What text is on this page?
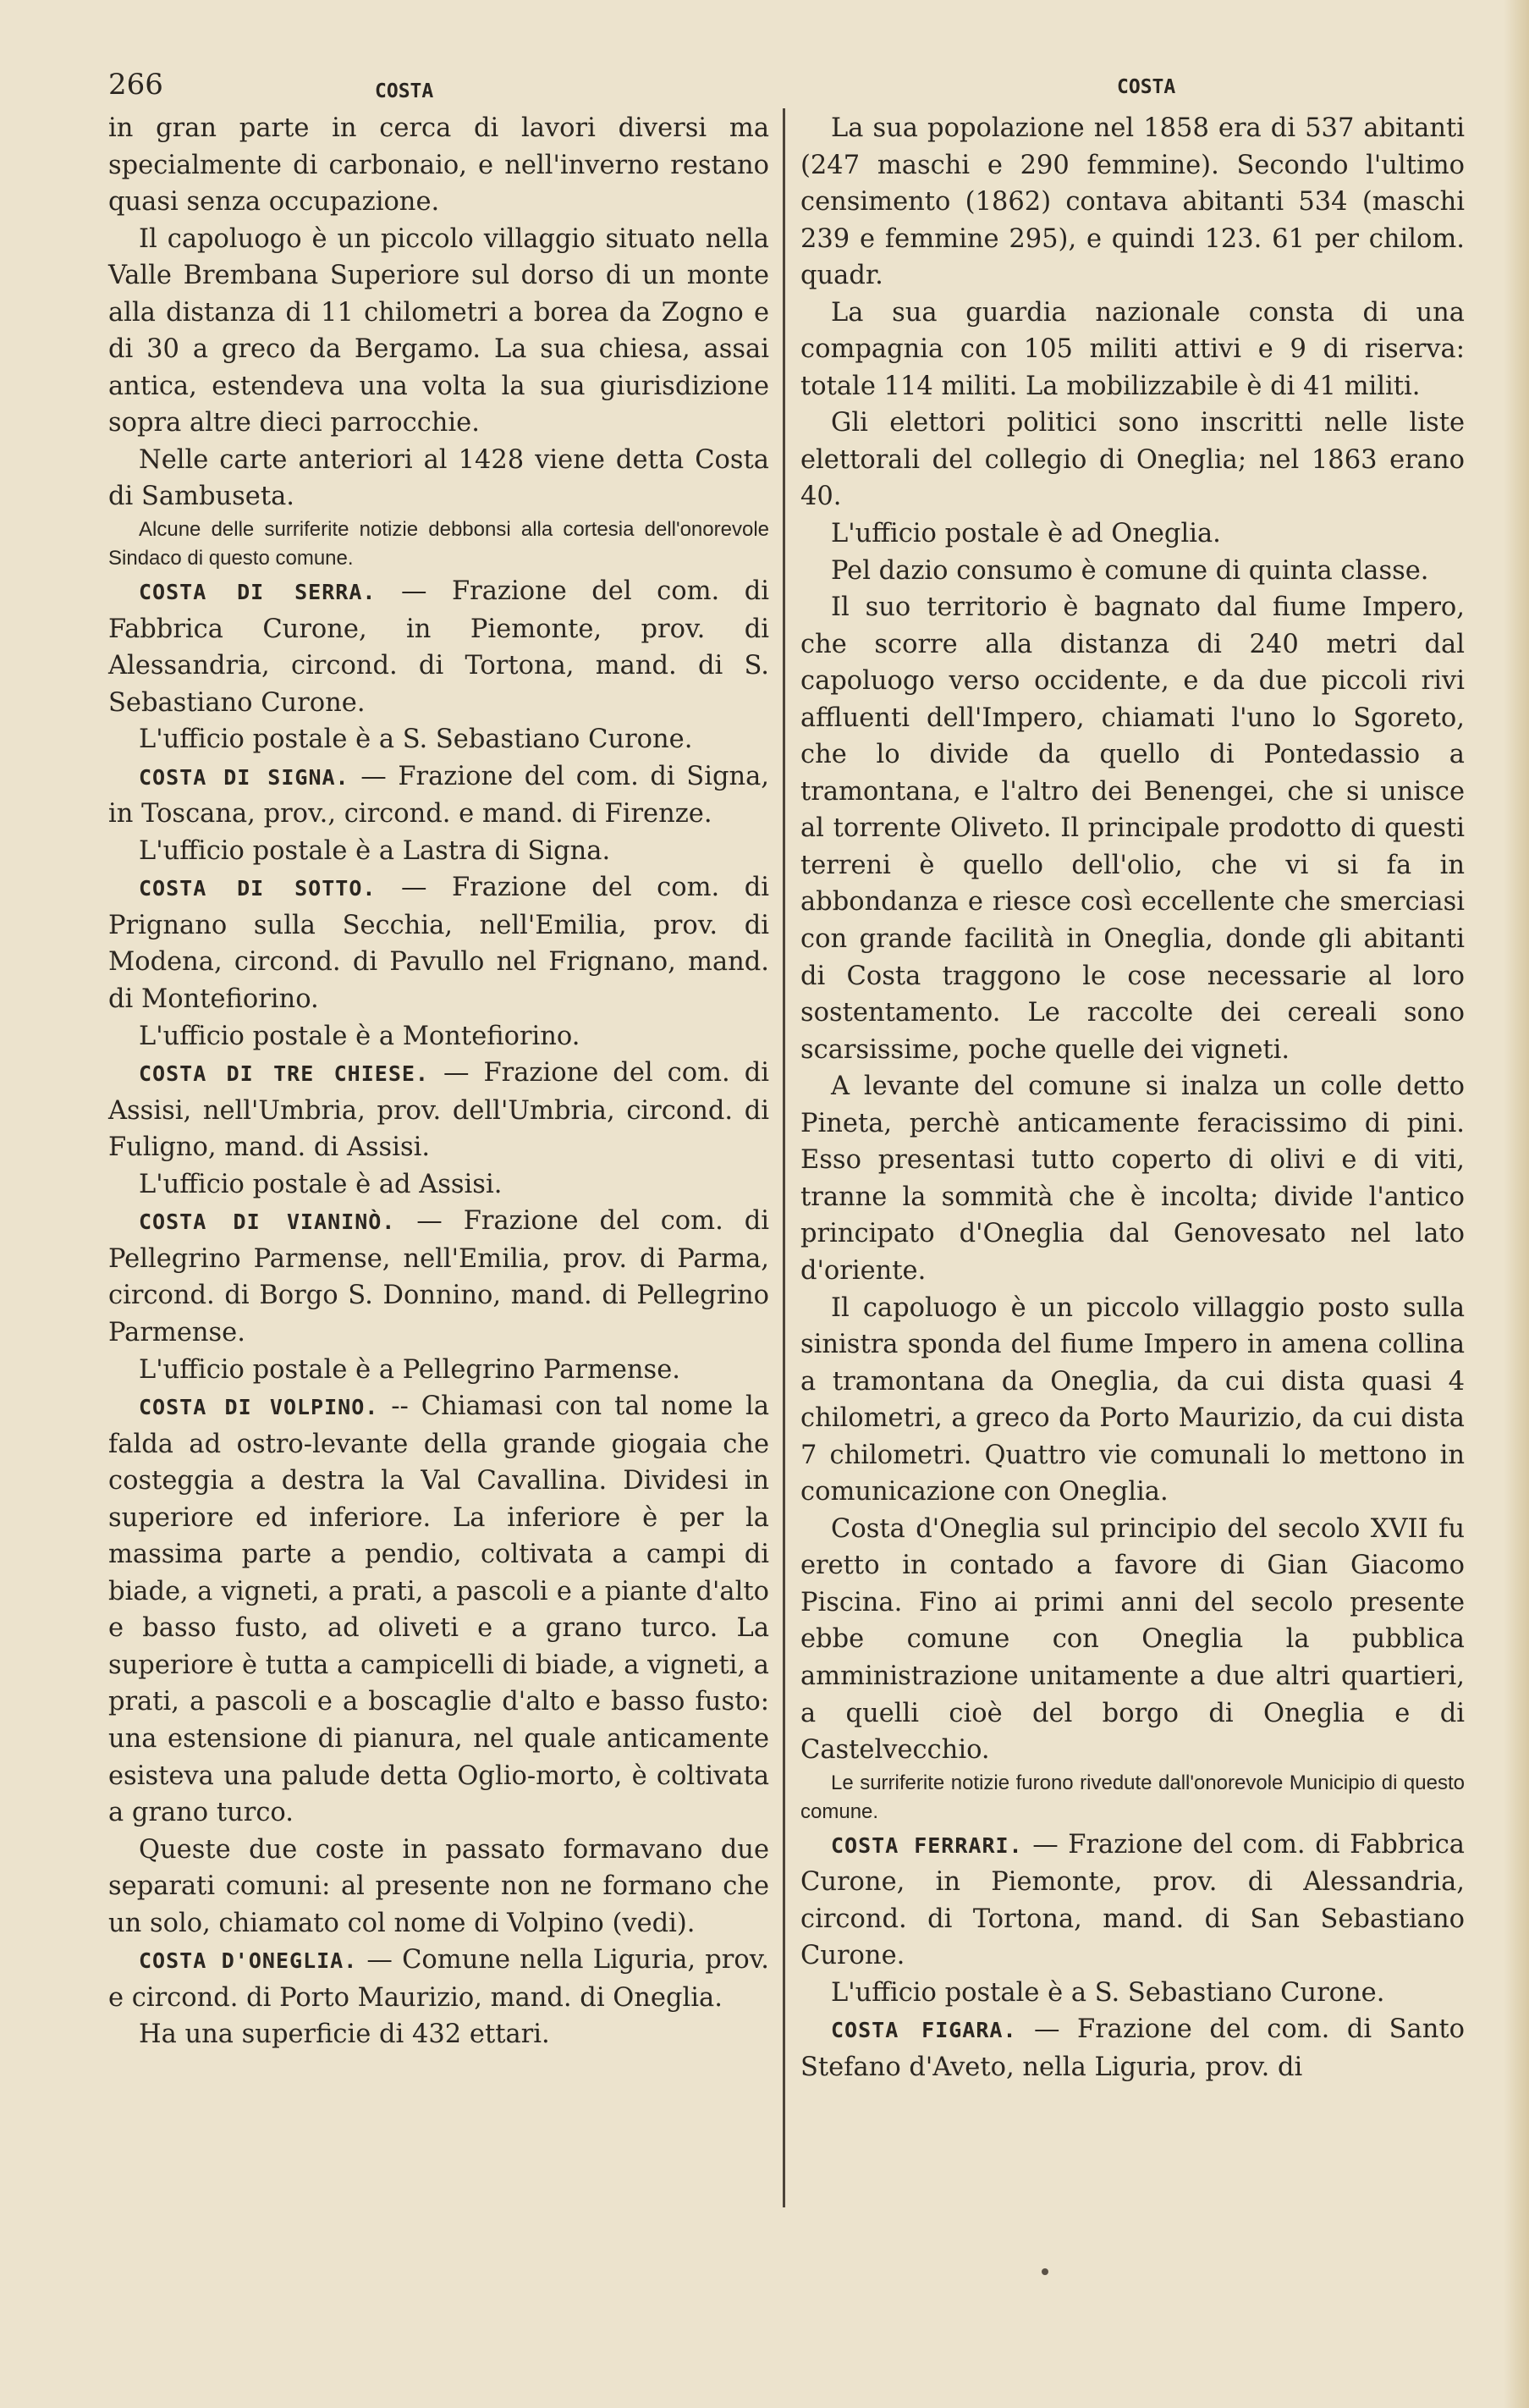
266	COSTA	COSTA

in gran parte in cerca di lavori diversi ma specialmente di carbonaio, e nell'inverno restano quasi senza occupazione.

Il capoluogo è un piccolo villaggio situato nella Valle Brembana Superiore sul dorso di un monte alla distanza di 11 chilometri a borea da Zogno e di 30 a greco da Bergamo. La sua chiesa, assai antica, estendeva una volta la sua giurisdizione sopra altre dieci parrocchie.

Nelle carte anteriori al 1428 viene detta Costa di Sambuseta.

Alcune delle surriferite notizie debbonsi alla cortesia dell'onorevole Sindaco di questo comune.

COSTA DI SERRA. — Frazione del com. di Fabbrica Curone, in Piemonte, prov. di Alessandria, circond. di Tortona, mand. di S. Sebastiano Curone.

L'ufficio postale è a S. Sebastiano Curone.

COSTA DI SIGNA. — Frazione del com. di Signa, in Toscana, prov., circond. e mand. di Firenze.

L'ufficio postale è a Lastra di Signa.

COSTA DI SOTTO. — Frazione del com. di Prignano sulla Secchia, nell'Emilia, prov. di Modena, circond. di Pavullo nel Frignano, mand. di Montefiorino.

L'ufficio postale è a Montefiorino.

COSTA DI TRE CHIESE. — Frazione del com. di Assisi, nell'Umbria, prov. dell'Umbria, circond. di Fuligno, mand. di Assisi.

L'ufficio postale è ad Assisi.

COSTA DI VIANINÒ. — Frazione del com. di Pellegrino Parmense, nell'Emilia, prov. di Parma, circond. di Borgo S. Donnino, mand. di Pellegrino Parmense.

L'ufficio postale è a Pellegrino Parmense.

COSTA DI VOLPINO. -- Chiamasi con tal nome la falda ad ostro-levante della grande giogaia che costeggia a destra la Val Cavallina. Dividesi in superiore ed inferiore. La inferiore è per la massima parte a pendio, coltivata a campi di biade, a vigneti, a prati, a pascoli e a piante d'alto e basso fusto, ad oliveti e a grano turco. La superiore è tutta a campicelli di biade, a vigneti, a prati, a pascoli e a boscaglie d'alto e basso fusto: una estensione di pianura, nel quale anticamente esisteva una palude detta Oglio-morto, è coltivata a grano turco.

Queste due coste in passato formavano due separati comuni: al presente non ne formano che un solo, chiamato col nome di Volpino (vedi).

COSTA D'ONEGLIA. — Comune nella Liguria, prov. e circond. di Porto Maurizio, mand. di Oneglia.

Ha una superficie di 432 ettari.

La sua popolazione nel 1858 era di 537 abitanti (247 maschi e 290 femmine). Secondo l'ultimo censimento (1862) contava abitanti 534 (maschi 239 e femmine 295), e quindi 123. 61 per chilom. quadr.

La sua guardia nazionale consta di una compagnia con 105 militi attivi e 9 di riserva: totale 114 militi. La mobilizzabile è di 41 militi.

Gli elettori politici sono inscritti nelle liste elettorali del collegio di Oneglia; nel 1863 erano 40.

L'ufficio postale è ad Oneglia.

Pel dazio consumo è comune di quinta classe.

Il suo territorio è bagnato dal fiume Impero, che scorre alla distanza di 240 metri dal capoluogo verso occidente, e da due piccoli rivi affluenti dell'Impero, chiamati l'uno lo Sgoreto, che lo divide da quello di Pontedassio a tramontana, e l'altro dei Benengei, che si unisce al torrente Oliveto. Il principale prodotto di questi terreni è quello dell'olio, che vi si fa in abbondanza e riesce così eccellente che smerciasi con grande facilità in Oneglia, donde gli abitanti di Costa traggono le cose necessarie al loro sostentamento. Le raccolte dei cereali sono scarsissime, poche quelle dei vigneti.

A levante del comune si inalza un colle detto Pineta, perchè anticamente feracissimo di pini. Esso presentasi tutto coperto di olivi e di viti, tranne la sommità che è incolta; divide l'antico principato d'Oneglia dal Genovesato nel lato d'oriente.

Il capoluogo è un piccolo villaggio posto sulla sinistra sponda del fiume Impero in amena collina a tramontana da Oneglia, da cui dista quasi 4 chilometri, a greco da Porto Maurizio, da cui dista 7 chilometri. Quattro vie comunali lo mettono in comunicazione con Oneglia.

Costa d'Oneglia sul principio del secolo XVII fu eretto in contado a favore di Gian Giacomo Piscina. Fino ai primi anni del secolo presente ebbe comune con Oneglia la pubblica amministrazione unitamente a due altri quartieri, a quelli cioè del borgo di Oneglia e di Castelvecchio.

Le surriferite notizie furono rivedute dall'onorevole Municipio di questo comune.

COSTA FERRARI. — Frazione del com. di Fabbrica Curone, in Piemonte, prov. di Alessandria, circond. di Tortona, mand. di San Sebastiano Curone.

L'ufficio postale è a S. Sebastiano Curone.

COSTA FIGARA. — Frazione del com. di Santo Stefano d'Aveto, nella Liguria, prov. di
